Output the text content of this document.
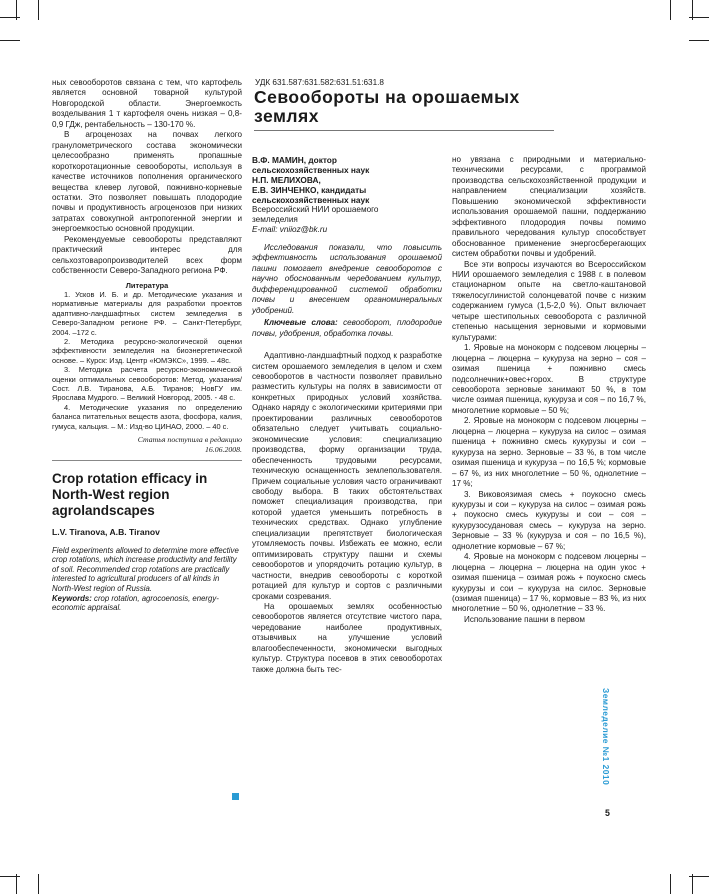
ных севооборотов связана с тем, что картофель является основной товарной культурой Новгородской области. Энергоемкость возделывания 1 т картофеля очень низкая – 0,8-0,9 ГДж, рентабельность – 130-170 %.

В агроценозах на почвах легкого гранулометрического состава экономически целесообразно применять пропашные короткоротационные севообороты, используя в качестве источников пополнения органического вещества клевер луговой, пожнивно-корневые остатки. Это позволяет повышать плодородие почвы и продуктивность агроценозов при низких затратах совокупной антропогенной энергии и энергоемкостью основной продукции.

Рекомендуемые севообороты представляют практический интерес для сельхозтоваропроизводителей всех форм собственности Северо-Западного региона РФ.

Литература

1. Усков И. Б. и др. Методические указания и нормативные материалы для разработки проектов адаптивно-ландшафтных систем земледелия в Северо-Западном регионе РФ. – Санкт-Петербург, 2004. –172 с.

2. Методика ресурсно-экологической оценки эффективности земледелия на биоэнергетической основе. – Курск: Изд. Центр «ЮМЭКС», 1999. – 48с.

3. Методика расчета ресурсно-экономической оценки оптимальных севооборотов: Метод. указания/Сост. Л.В. Тиранова, А.Б. Тиранов; НовГУ им. Ярослава Мудрого. – Великий Новгород, 2005. - 48 с.

4. Методические указания по определению баланса питательных веществ азота, фосфора, калия, гумуса, кальция. – М.: Изд-во ЦИНАО, 2000. – 40 с.

Статья поступила в редакцию
16.06.2008.

Crop rotation efficacy in North-West region agrolandscapes

L.V. Tiranova, A.B. Tiranov

Field experiments allowed to determine more effective crop rotations, which increase productivity and fertility of soil. Recommended crop rotations are practically interested to agricultural producers of all kinds in North-West region of Russia.

Keywords: crop rotation, agrocoenosis, energy-economic appraisal.

УДК 631.587:631.582:631.51:631.8
Севообороты на орошаемых землях

В.Ф. МАМИН, доктор

сельскохозяйственных наук

Н.П. МЕЛИХОВА,

Е.В. ЗИНЧЕНКО, кандидаты

сельскохозяйственных наук

Всероссийский НИИ орошаемого

земледелия

E-mail: vniioz@bk.ru

Исследования показали, что повысить эффективность использования орошаемой пашни помогает внедрение севооборотов с научно обоснованным чередованием культур, дифференцированной системой обработки почвы и внесением органоминеральных удобрений.

Ключевые слова: севооборот, плодородие почвы, удобрения, обработка почвы.

Адаптивно-ландшафтный подход к разработке систем орошаемого земледелия в целом и схем севооборотов в частности позволяет правильно разместить культуры на полях в зависимости от конкретных природных условий хозяйства. Однако наряду с экологическими критериями при проектировании различных севооборотов обязательно следует учитывать социально-экономические условия: специализацию производства, форму организации труда, обеспеченность трудовыми ресурсами, техническую оснащенность землепользователя. Причем социальные условия часто ограничивают свободу выбора. В таких обстоятельствах поможет специализация производства, при которой удается уменьшить потребность в технических средствах. Однако углубление специализации препятствует биологическая утомляемость почвы. Избежать ее можно, если оптимизировать структуру пашни и схемы севооборотов и упорядочить ротацию культур, в частности, внедрив севообороты с короткой ротацией для культур и сортов с различными сроками созревания.

На орошаемых землях особенностью севооборотов является отсутствие чистого пара, чередование наиболее продуктивных, отзывчивых на улучшение условий влагообеспеченности, экономически выгодных культур. Структура посевов в этих севооборотах также должна быть тес-

но увязана с природными и материально-техническими ресурсами, с программой производства сельскохозяйственной продукции и направлением специализации хозяйств. Повышению экономической эффективности использования орошаемой пашни, поддержанию эффективного плодородия почвы помимо правильного чередования культур способствует обоснованное применение энергосберегающих систем обработки почвы и удобрений.

Все эти вопросы изучаются во Всероссийском НИИ орошаемого земледелия с 1988 г. в полевом стационарном опыте на светло-каштановой тяжелосуглинистой солонцеватой почве с низким содержанием гумуса (1,5-2,0 %). Опыт включает четыре шестипольных севооборота с различной степенью насыщения зерновыми и кормовыми культурами:

1. Яровые на монокорм с подсевом люцерны – люцерна – люцерна – кукуруза на зерно – соя – озимая пшеница + пожнивно смесь подсолнечник+овес+горох. В структуре севооборота зерновые занимают 50 %, в том числе озимая пшеница, кукуруза и соя – по 16,7 %, многолетние кормовые – 50 %;

2. Яровые на монокорм с подсевом люцерны – люцерна – люцерна – кукуруза на силос – озимая пшеница + пожнивно смесь кукурузы и сои – кукуруза на зерно. Зерновые – 33 %, в том числе озимая пшеница и кукуруза – по 16,5 %; кормовые – 67 %, из них многолетние – 50 %, однолетние – 17 %;

3. Виковоязимая смесь + поукосно смесь кукурузы и сои – кукуруза на силос – озимая рожь + поукосно смесь кукурузы и сои – соя – кукурузосудановая смесь – кукуруза на зерно. Зерновые – 33 % (кукуруза и соя – по 16,5 %), однолетние кормовые – 67 %;

4. Яровые на монокорм с подсевом люцерны – люцерна – люцерна – люцерна на один укос + озимая пшеница – озимая рожь + поукосно смесь кукурузы и сои – кукуруза на силос. Зерновые (озимая пшеница) – 17 %, кормовые – 83 %, из них многолетние – 50 %, однолетние – 33 %.

Использование пашни в первом

Земледелие №1 2010
5
